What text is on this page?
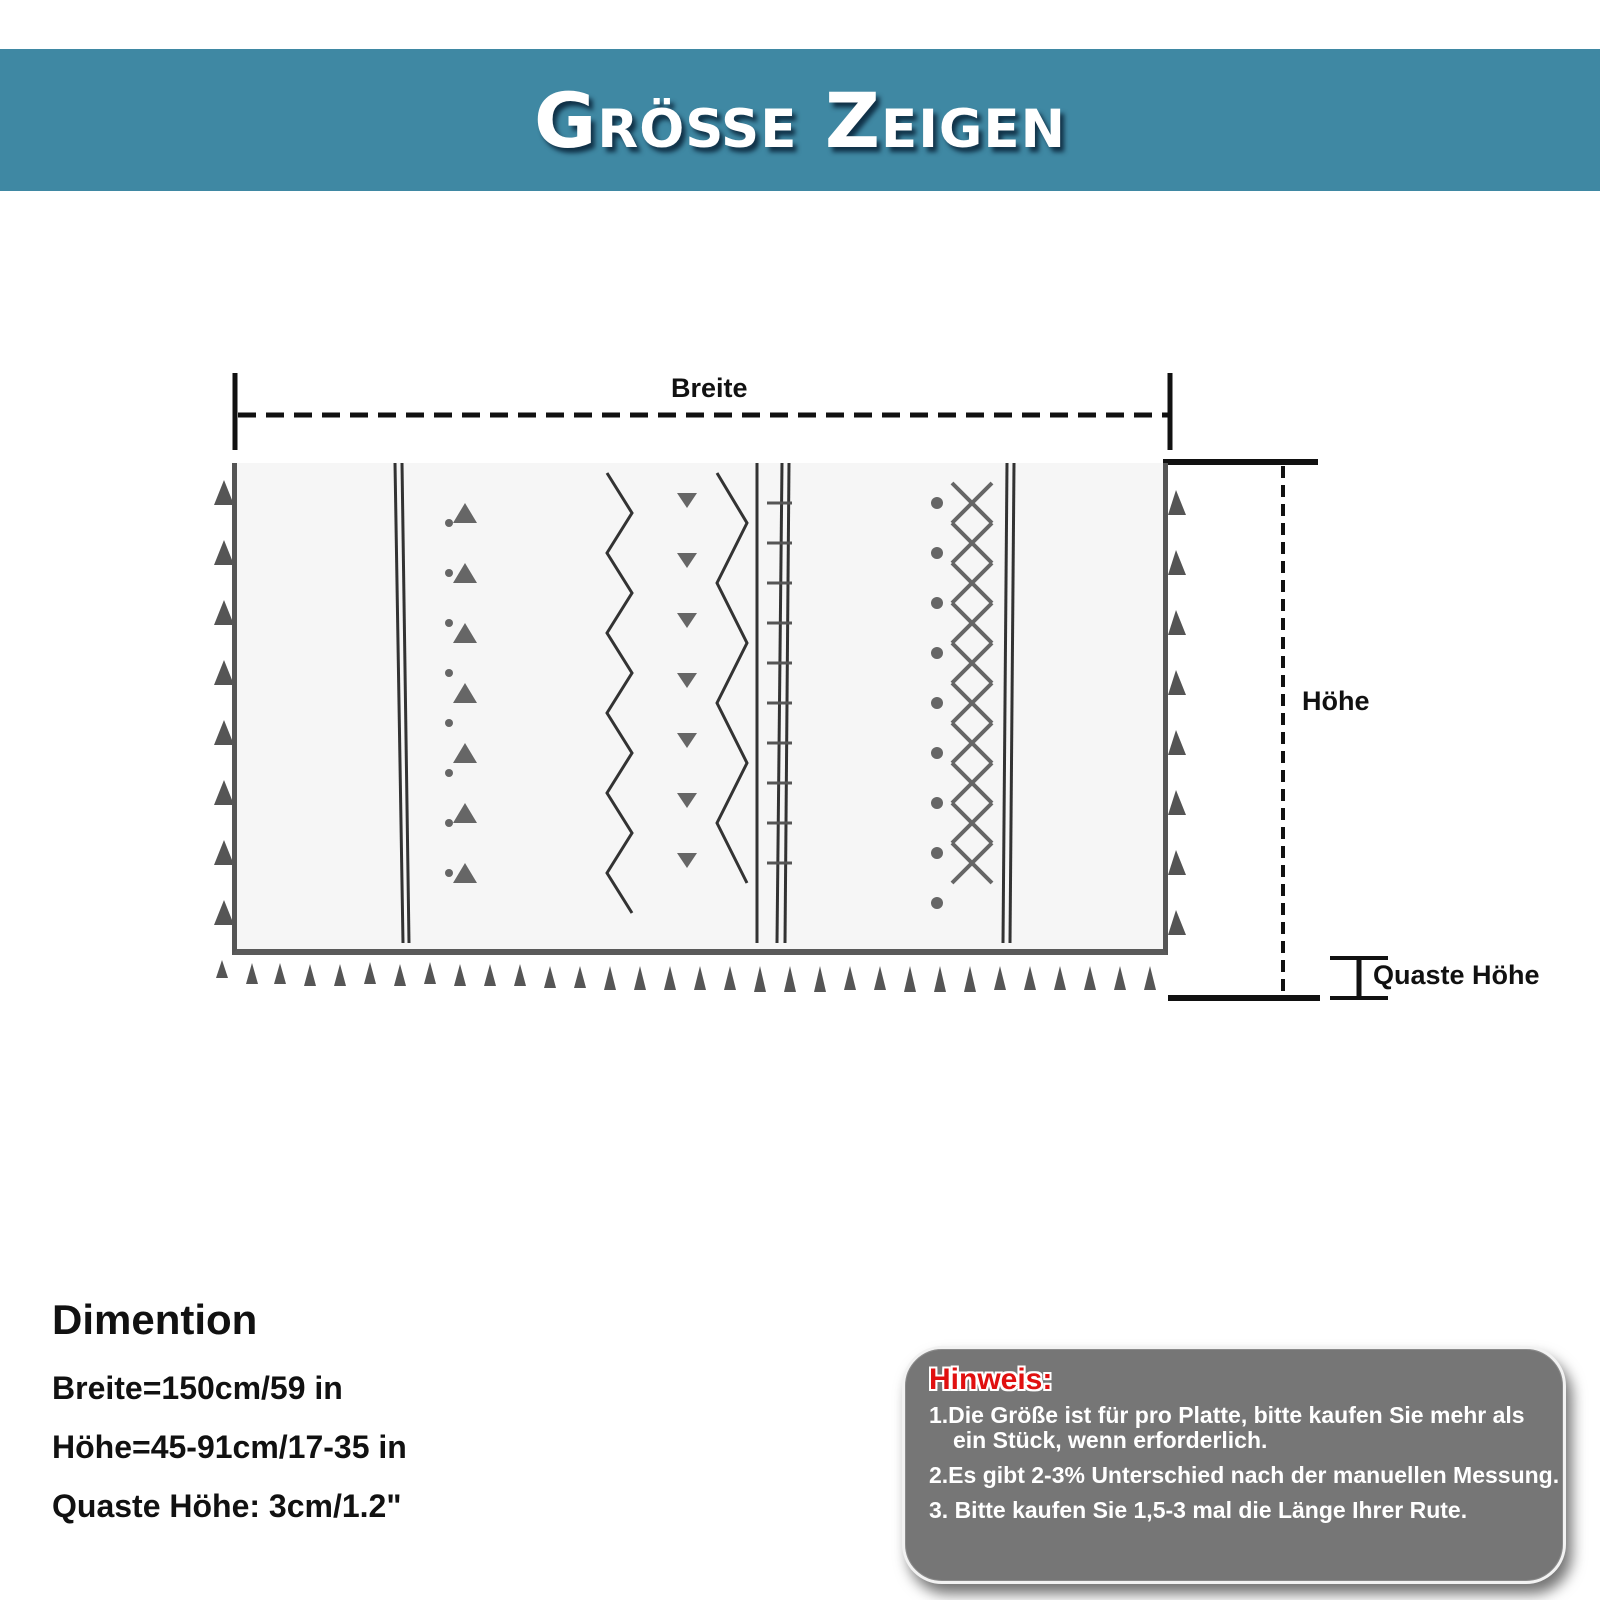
Größe Zeigen
Breite
Höhe
Quaste Höhe
Dimention
Breite=150cm/59 in
Höhe=45-91cm/17-35 in
Quaste Höhe: 3cm/1.2"
Hinweis:
1.Die Größe ist für pro Platte, bitte kaufen Sie mehr als ein Stück, wenn erforderlich.
2.Es gibt 2-3% Unterschied nach der manuellen Messung.
3. Bitte kaufen Sie 1,5-3 mal die Länge Ihrer Rute.
